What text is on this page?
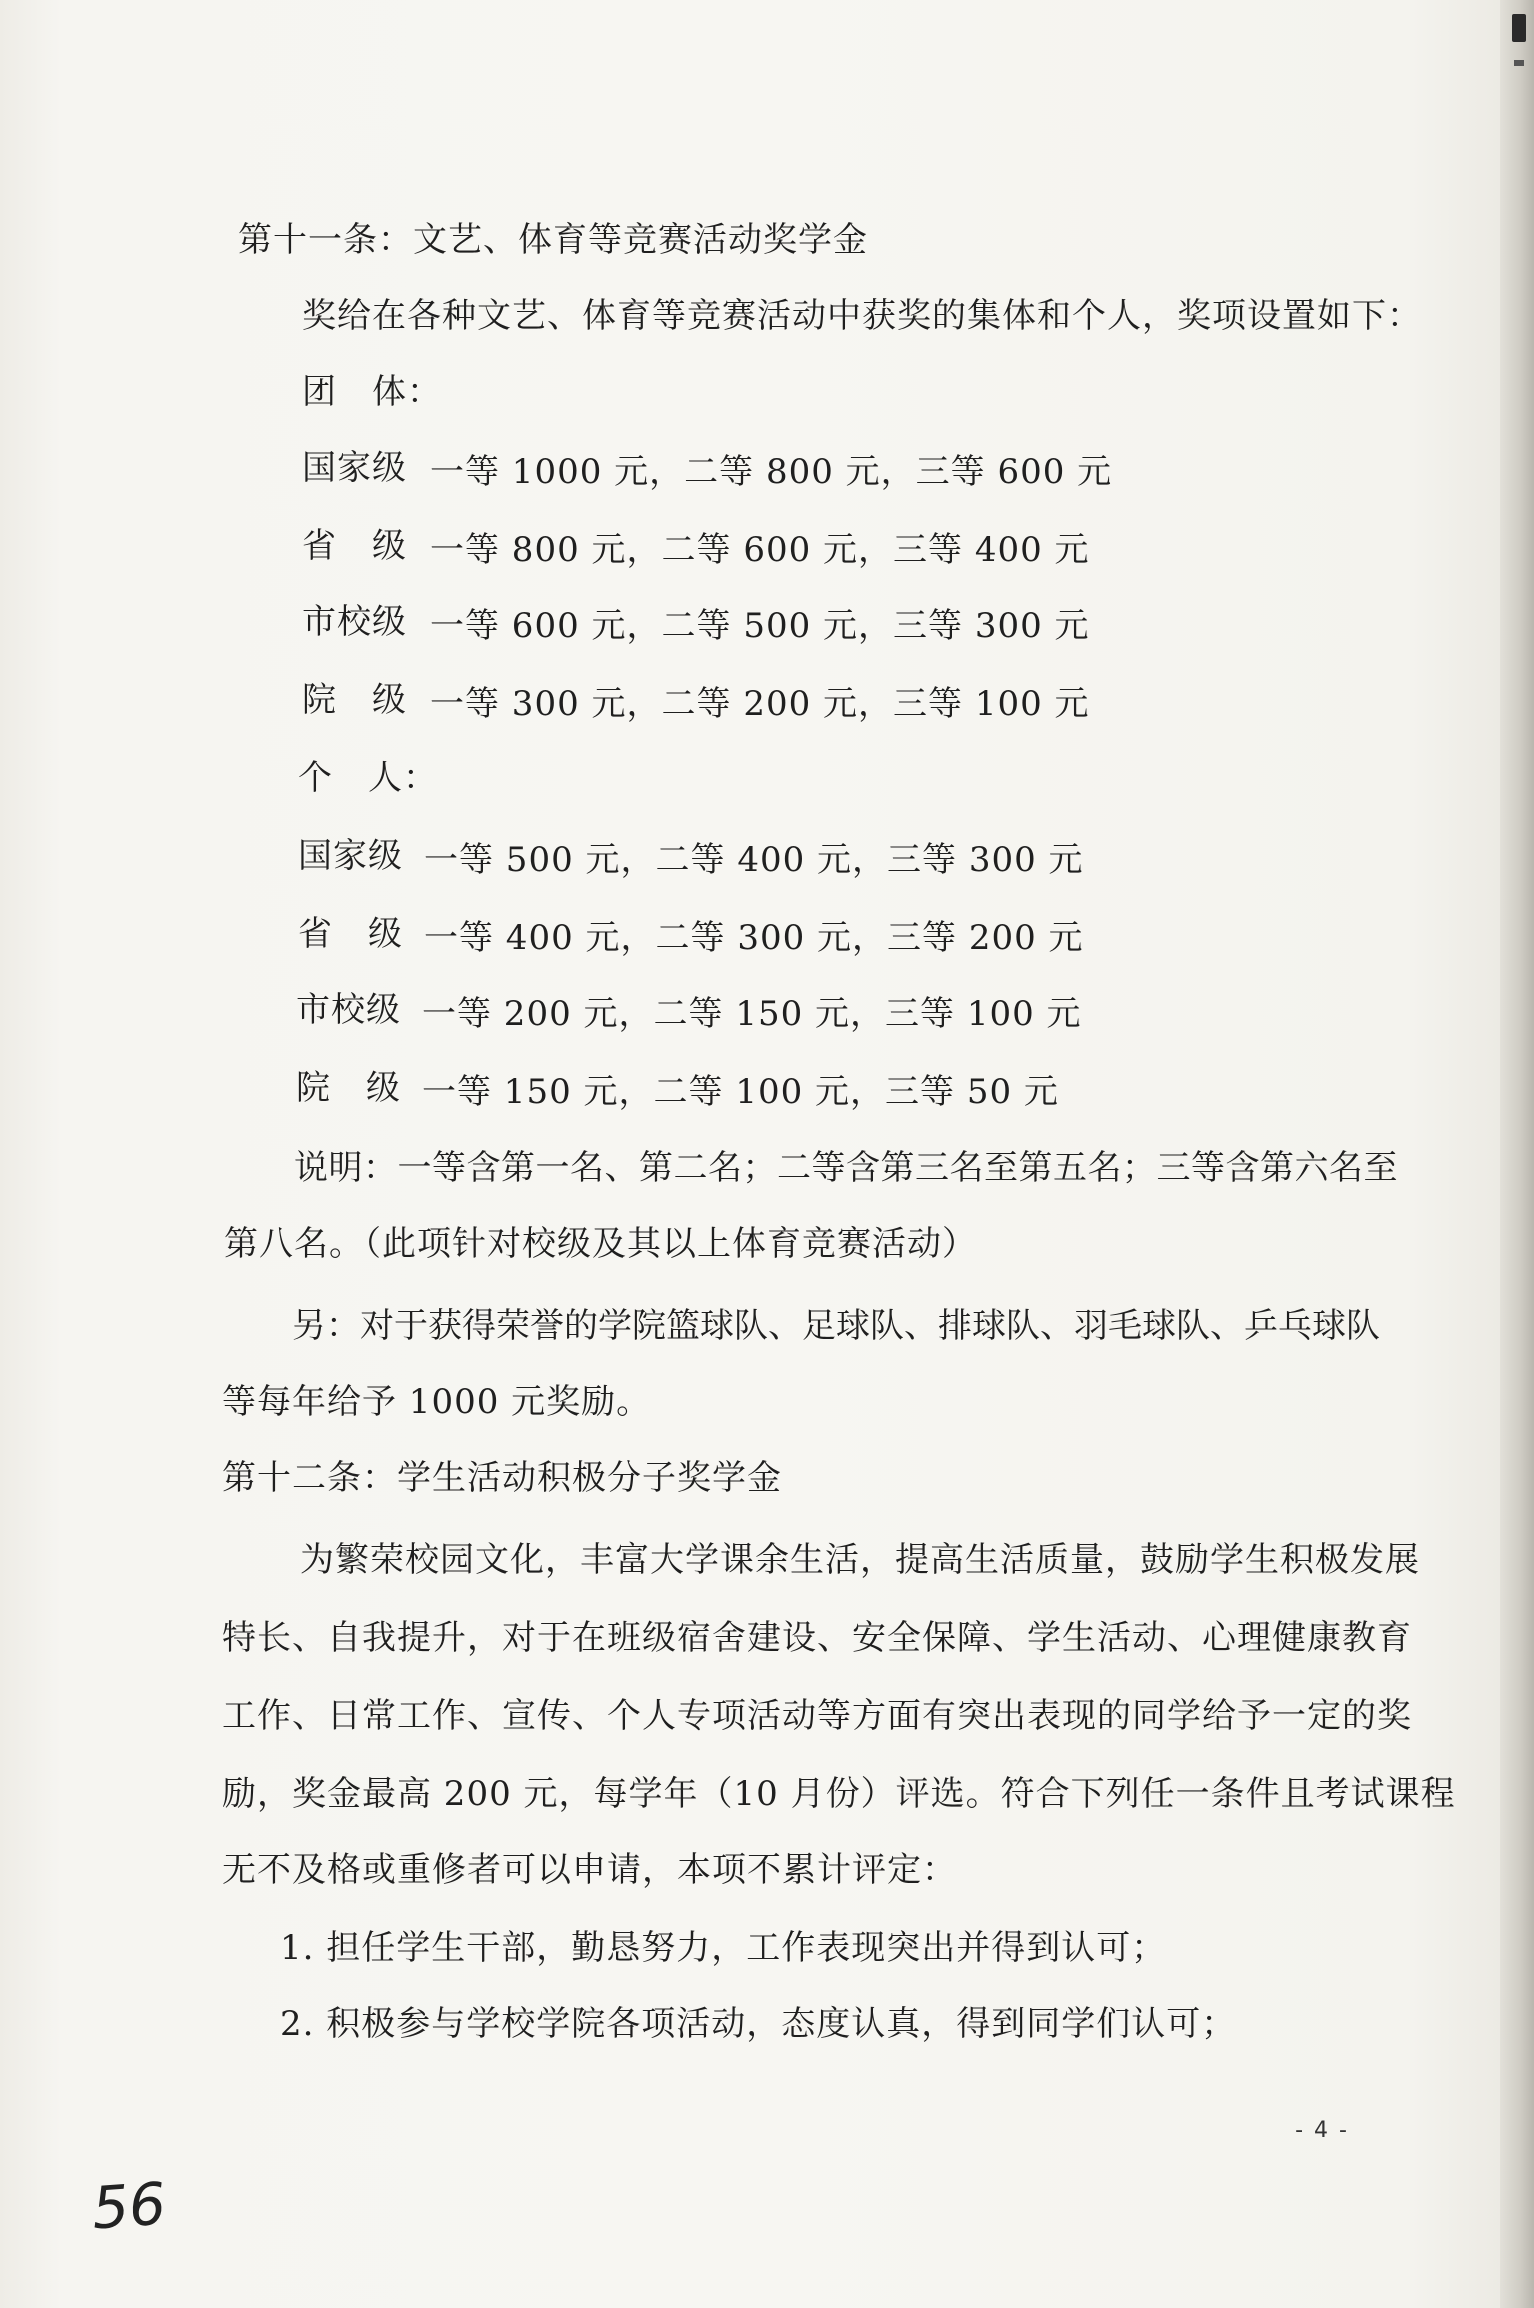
第十一条：文艺、体育等竞赛活动奖学金
奖给在各种文艺、体育等竞赛活动中获奖的集体和个人，奖项设置如下：
团　体：
国家级 一等 1000 元，二等 800 元，三等 600 元
省　级 一等 800 元，二等 600 元，三等 400 元
市校级 一等 600 元，二等 500 元，三等 300 元
院　级 一等 300 元，二等 200 元，三等 100 元
个　人：
国家级 一等 500 元，二等 400 元，三等 300 元
省　级 一等 400 元，二等 300 元，三等 200 元
市校级 一等 200 元，二等 150 元，三等 100 元
院　级 一等 150 元，二等 100 元，三等 50 元
说明：一等含第一名、第二名；二等含第三名至第五名；三等含第六名至
第八名。（此项针对校级及其以上体育竞赛活动）
另：对于获得荣誉的学院篮球队、足球队、排球队、羽毛球队、乒乓球队
等每年给予 1000 元奖励。
第十二条：学生活动积极分子奖学金
为繁荣校园文化，丰富大学课余生活，提高生活质量，鼓励学生积极发展
特长、自我提升，对于在班级宿舍建设、安全保障、学生活动、心理健康教育
工作、日常工作、宣传、个人专项活动等方面有突出表现的同学给予一定的奖
励，奖金最高 200 元，每学年（10 月份）评选。符合下列任一条件且考试课程
无不及格或重修者可以申请，本项不累计评定：
1. 担任学生干部，勤恳努力，工作表现突出并得到认可；
2. 积极参与学校学院各项活动，态度认真，得到同学们认可；
- 4 -
56
